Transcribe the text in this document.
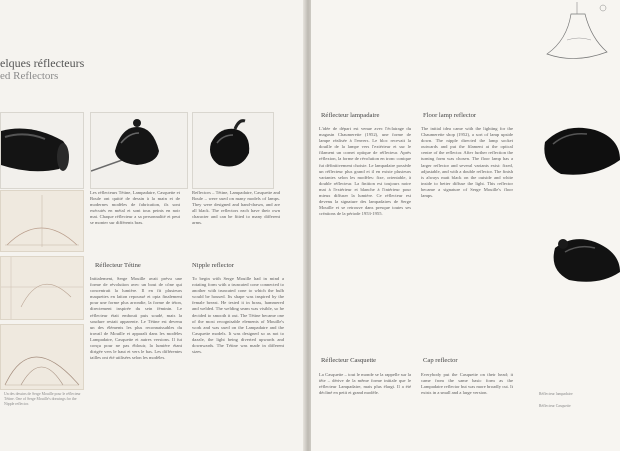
elques réflecteurs
ed Reflectors
Les réflecteurs Tétine, Lampadaire, Casquette et Boule ont quitté de dessin à la main et de modernes modèles de fabrication, ils sont exécutés en métal et sont tous peints en noir mat. Chaque réflecteur a sa personnalité et peut se monter sur différents bras.
Reflectors – Tétine, Lampadaire, Casquette and Boule – were used on many models of lamps. They were designed and hand-drawn, and are all black. The reflectors each have their own character and can be fitted to many different arms.
Un des dessins de Serge Mouille pour le réflecteur Tétine. One of Serge Mouille's drawings for the Nipple reflector.
Réflecteur Tétine	Nipple reflector
Initialement, Serge Mouille avait prévu une forme de révolution avec un bout de cône qui concentrait la lumière. Il en fit plusieurs maquettes en laiton repoussé et opta finalement pour une forme plus arrondie, la forme de téton, directement inspirée du sein féminin. Le réflecteur était embouti puis soudé, mais la soudure restait apparente. Le Tétine est devenu un des éléments les plus reconnaissables du travail de Mouille et apparaît dans les modèles Lampadaire, Casquette et autres versions. Il fut conçu pour ne pas éblouir, la lumière étant dirigée vers le haut et vers le bas. Les différentes tailles ont été utilisées selon les modèles.
To begin with Serge Mouille had in mind a rotating form with a truncated cone connected to another with truncated cone to which the bulb would be housed. Its shape was inspired by the female breast. He tested it in brass, hammered and welded. The welding seam was visible, so he decided to smooth it out. The Tétine became one of the most recognisable elements of Mouille's work and was used on the Lampadaire and the Casquette models. It was designed so as not to dazzle, the light being diverted upwards and downwards. The Tétine was made in different sizes.
Réflecteur lampadaire	Floor lamp reflector
L'idée de départ est venue avec l'éclairage du magasin Chaumerette (1952), une forme de lampe réalisée à l'envers. Le bloc recevait la douille de la lampe vers l'extérieur et sur le filament un cornet optique de réflecteur. Après réflexion, la forme de révolution en tronc conique fut définitivement choisie. Le lampadaire possède un réflecteur plus grand et il en existe plusieurs variantes selon les modèles: fixe, orientable, à double réflecteur. La finition est toujours noire mat à l'extérieur et blanche à l'intérieur pour mieux diffuser la lumière. Ce réflecteur est devenu la signature des lampadaires de Serge Mouille et se retrouve dans presque toutes ses créations de la période 1953-1955.
The initial idea came with the lighting for the Chaumerette shop (1952), a sort of lamp upside down. The nipple directed the lamp socket outwards and put the filament at the optical centre of the reflector. After further reflection the turning form was chosen. The floor lamp has a larger reflector and several variants exist: fixed, adjustable, and with a double reflector. The finish is always matt black on the outside and white inside to better diffuse the light. This reflector became a signature of Serge Mouille's floor lamps.
Réflecteur lampadaire
Réflecteur Casquette
Réflecteur Casquette	Cap reflector
La Casquette – tout le monde se la rappelle sur la tête – dérive de la même forme initiale que le réflecteur Lampadaire, mais plus élargi. Il a été décliné en petit et grand modèle.
Everybody put the Casquette on their head; it came from the same basic form as the Lampadaire reflector but was more broadly cut. It exists in a small and a large version.
